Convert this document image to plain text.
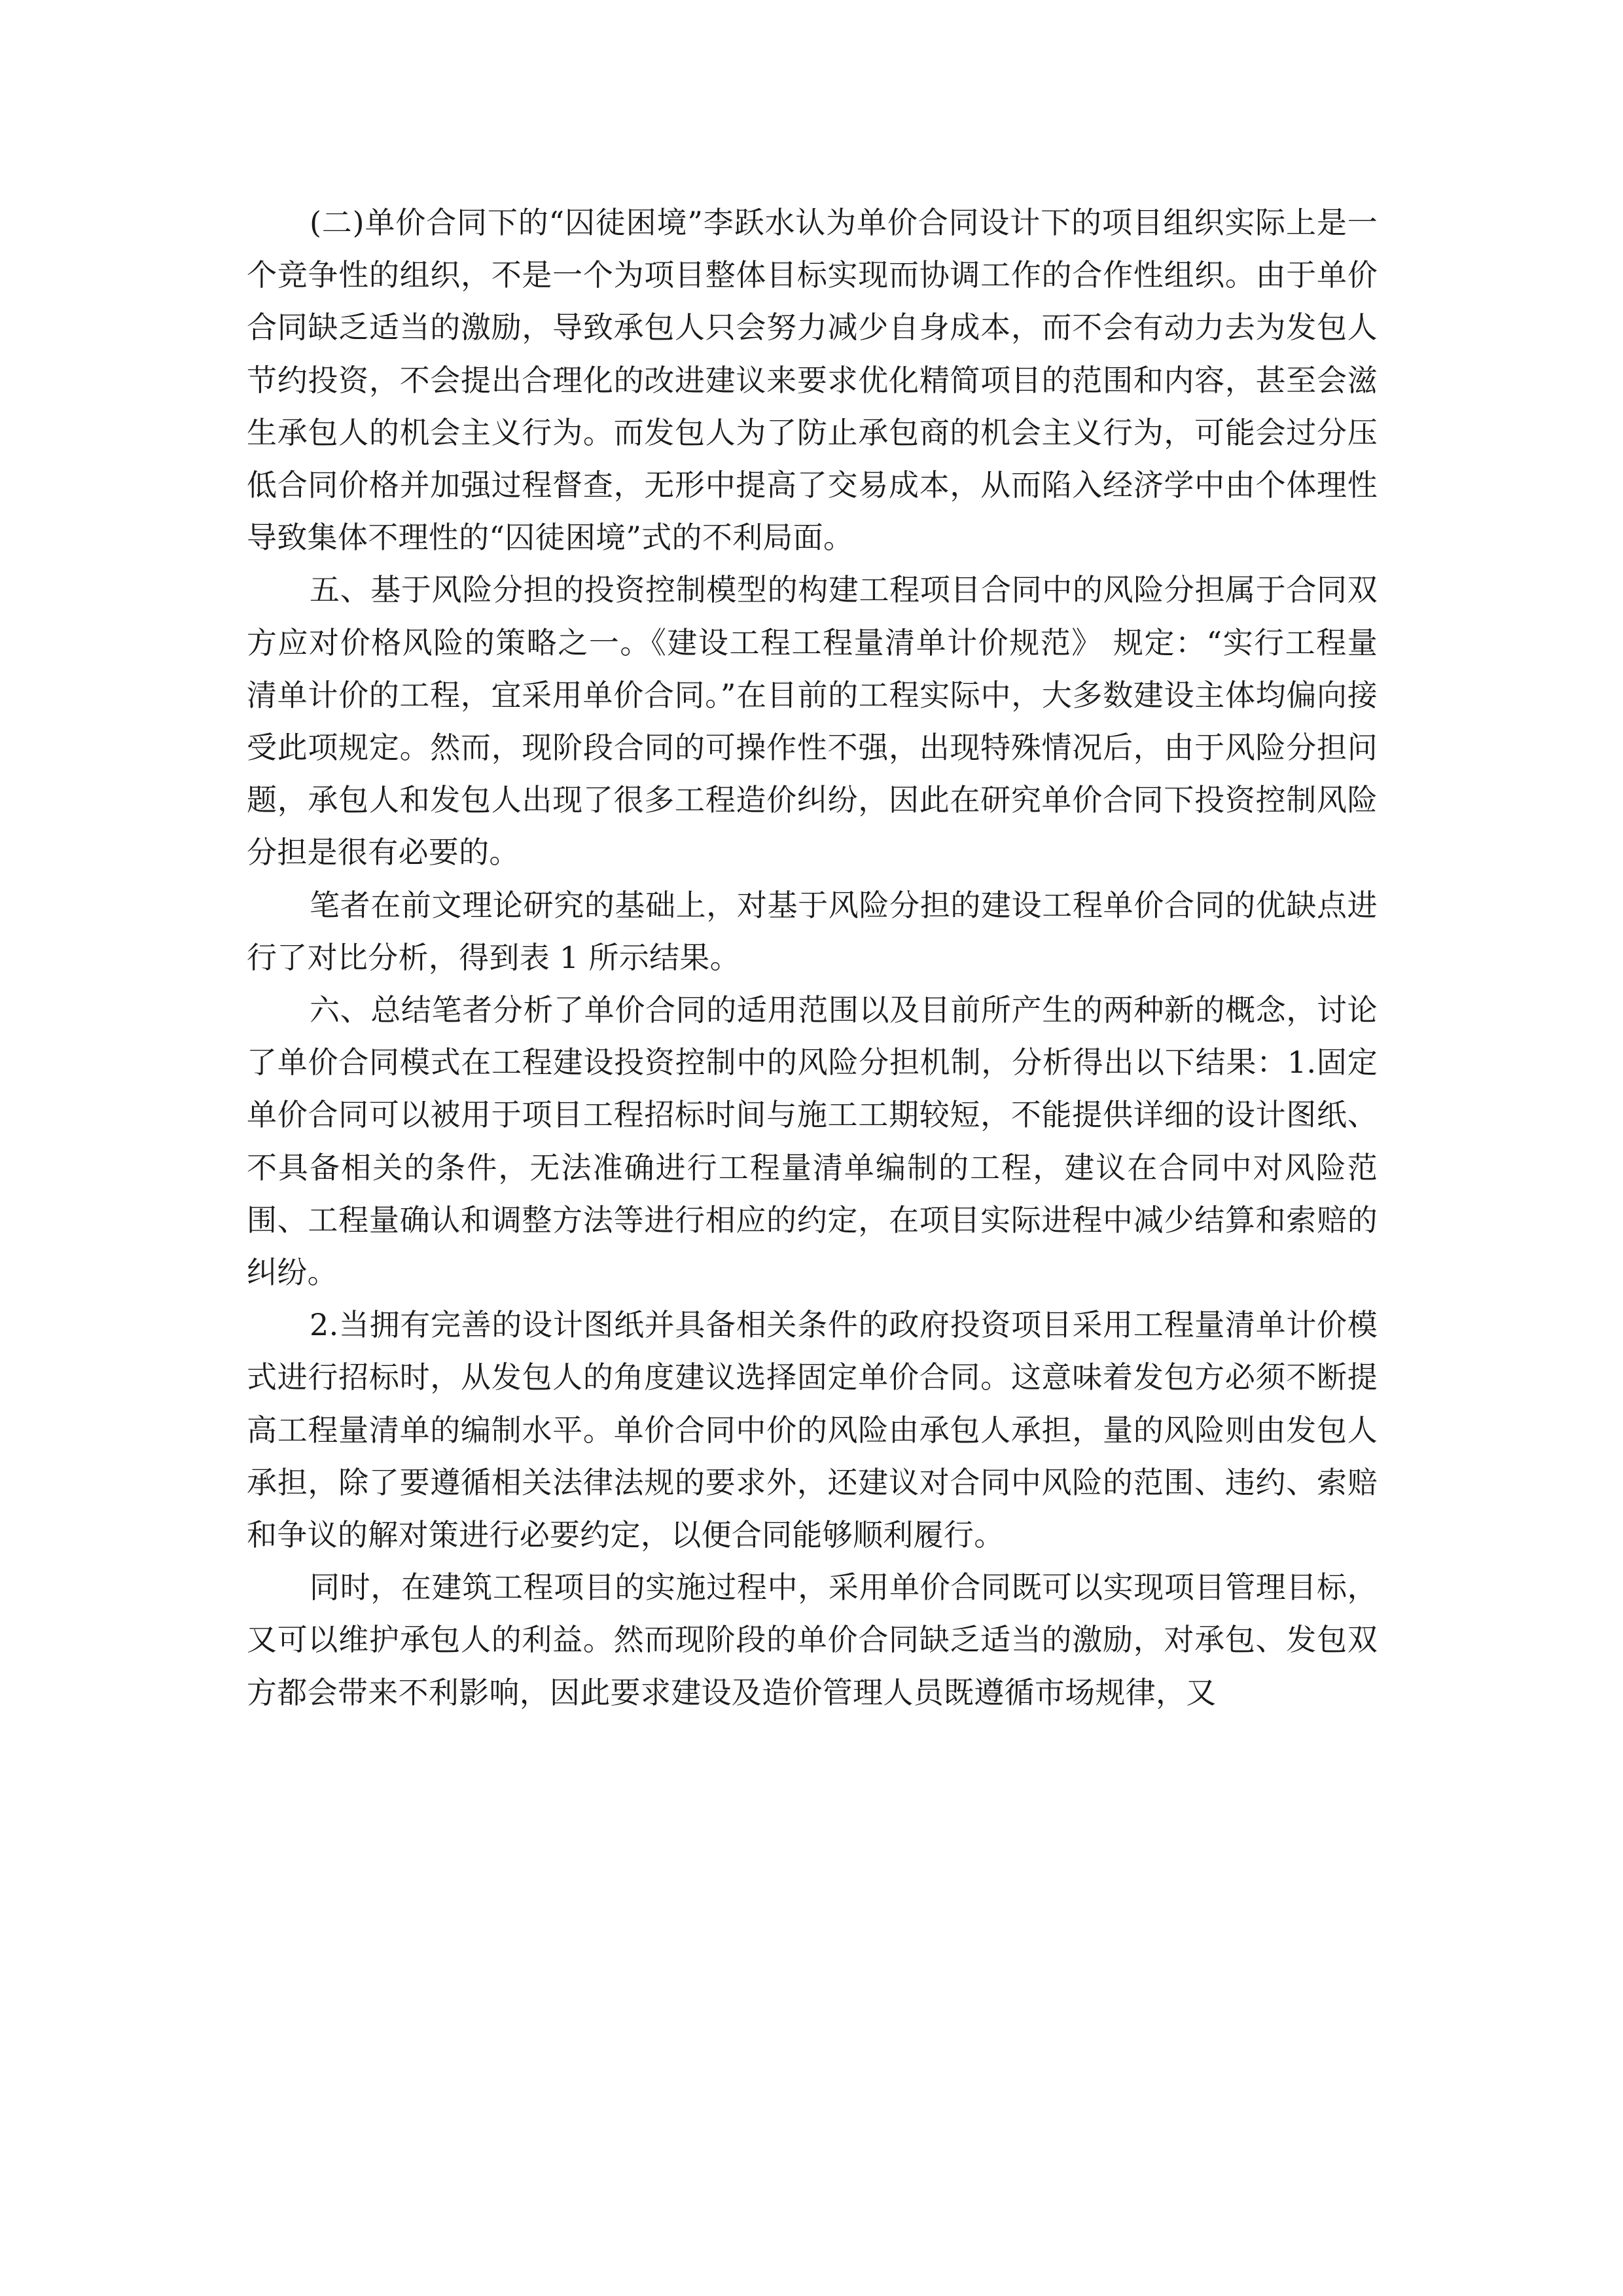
(二)单价合同下的“囚徒困境”李跃水认为单价合同设计下的项目组织实际上是一个竞争性的组织，不是一个为项目整体目标实现而协调工作的合作性组织。由于单价合同缺乏适当的激励，导致承包人只会努力减少自身成本，而不会有动力去为发包人节约投资，不会提出合理化的改进建议来要求优化精简项目的范围和内容，甚至会滋生承包人的机会主义行为。而发包人为了防止承包商的机会主义行为，可能会过分压低合同价格并加强过程督查，无形中提高了交易成本，从而陷入经济学中由个体理性导致集体不理性的“囚徒困境”式的不利局面。

五、基于风险分担的投资控制模型的构建工程项目合同中的风险分担属于合同双方应对价格风险的策略之一。《建设工程工程量清单计价规范》 规定：“实行工程量清单计价的工程，宜采用单价合同。”在目前的工程实际中，大多数建设主体均偏向接受此项规定。然而，现阶段合同的可操作性不强，出现特殊情况后，由于风险分担问题，承包人和发包人出现了很多工程造价纠纷，因此在研究单价合同下投资控制风险分担是很有必要的。

笔者在前文理论研究的基础上，对基于风险分担的建设工程单价合同的优缺点进行了对比分析，得到表 1 所示结果。

六、总结笔者分析了单价合同的适用范围以及目前所产生的两种新的概念，讨论了单价合同模式在工程建设投资控制中的风险分担机制，分析得出以下结果：1.固定单价合同可以被用于项目工程招标时间与施工工期较短，不能提供详细的设计图纸、不具备相关的条件，无法准确进行工程量清单编制的工程，建议在合同中对风险范围、工程量确认和调整方法等进行相应的约定，在项目实际进程中减少结算和索赔的纠纷。

2.当拥有完善的设计图纸并具备相关条件的政府投资项目采用工程量清单计价模式进行招标时，从发包人的角度建议选择固定单价合同。这意味着发包方必须不断提高工程量清单的编制水平。单价合同中价的风险由承包人承担，量的风险则由发包人承担，除了要遵循相关法律法规的要求外，还建议对合同中风险的范围、违约、索赔和争议的解对策进行必要约定，以便合同能够顺利履行。

同时，在建筑工程项目的实施过程中，采用单价合同既可以实现项目管理目标，又可以维护承包人的利益。然而现阶段的单价合同缺乏适当的激励，对承包、发包双方都会带来不利影响，因此要求建设及造价管理人员既遵循市场规律，又
